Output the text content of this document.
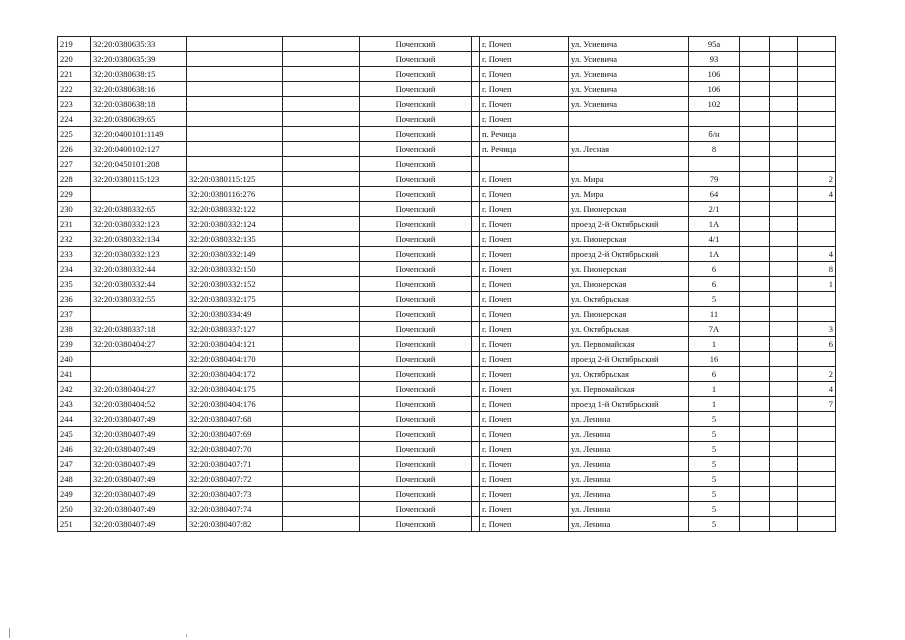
219	32:20:0380635:33			Почепский		г. Почеп	ул. Усиевича	95а			
220	32:20:0380635:39			Почепский		г. Почеп	ул. Усиевича	93			
221	32:20:0380638:15			Почепский		г. Почеп	ул. Усиевича	106			
222	32:20:0380638:16			Почепский		г. Почеп	ул. Усиевича	106			
223	32:20:0380638:18			Почепский		г. Почеп	ул. Усиевича	102			
224	32:20:0380639:65			Почепский		г. Почеп					
225	32:20:0400101:1149			Почепский		п. Речица		б/н			
226	32:20:0400102:127			Почепский		п. Речица	ул. Лесная	8			
227	32:20:0450101:208			Почепский							
228	32:20:0380115:123	32:20:0380115:125		Почепский		г. Почеп	ул. Мира	79			2
229		32:20:0380116:276		Почепский		г. Почеп	ул. Мира	64			4
230	32:20:0380332:65	32:20:0380332:122		Почепский		г. Почеп	ул. Пионерская	2/1			
231	32:20:0380332:123	32:20:0380332:124		Почепский		г. Почеп	проезд 2-й Октябрьский	1А			
232	32:20:0380332:134	32:20:0380332:135		Почепский		г. Почеп	ул. Пионерская	4/1			
233	32:20:0380332:123	32:20:0380332:149		Почепский		г. Почеп	проезд 2-й Октябрьский	1А			4
234	32:20:0380332:44	32:20:0380332:150		Почепский		г. Почеп	ул. Пионерская	6			8
235	32:20:0380332:44	32:20:0380332:152		Почепский		г. Почеп	ул. Пионерская	6			1
236	32:20:0380332:55	32:20:0380332:175		Почепский		г. Почеп	ул. Октябрьская	5			
237		32:20:0380334:49		Почепский		г. Почеп	ул. Пионерская	11			
238	32:20:0380337:18	32:20:0380337:127		Почепский		г. Почеп	ул. Октябрьская	7А			3
239	32:20:0380404:27	32:20:0380404:121		Почепский		г. Почеп	ул. Первомайская	1			6
240		32:20:0380404:170		Почепский		г. Почеп	проезд 2-й Октябрьский	16			
241		32:20:0380404:172		Почепский		г. Почеп	ул. Октябрьская	6			2
242	32:20:0380404:27	32:20:0380404:175		Почепский		г. Почеп	ул. Первомайская	1			4
243	32:20:0380404:52	32:20:0380404:176		Почепский		г. Почеп	проезд 1-й Октябрьский	1			7
244	32:20:0380407:49	32:20:0380407:68		Почепский		г. Почеп	ул. Ленина	5			
245	32:20:0380407:49	32:20:0380407:69		Почепский		г. Почеп	ул. Ленина	5			
246	32:20:0380407:49	32:20:0380407:70		Почепский		г. Почеп	ул. Ленина	5			
247	32:20:0380407:49	32:20:0380407:71		Почепский		г. Почеп	ул. Ленина	5			
248	32:20:0380407:49	32:20:0380407:72		Почепский		г. Почеп	ул. Ленина	5			
249	32:20:0380407:49	32:20:0380407:73		Почепский		г. Почеп	ул. Ленина	5			
250	32:20:0380407:49	32:20:0380407:74		Почепский		г. Почеп	ул. Ленина	5			
251	32:20:0380407:49	32:20:0380407:82		Почепский		г. Почеп	ул. Ленина	5			
